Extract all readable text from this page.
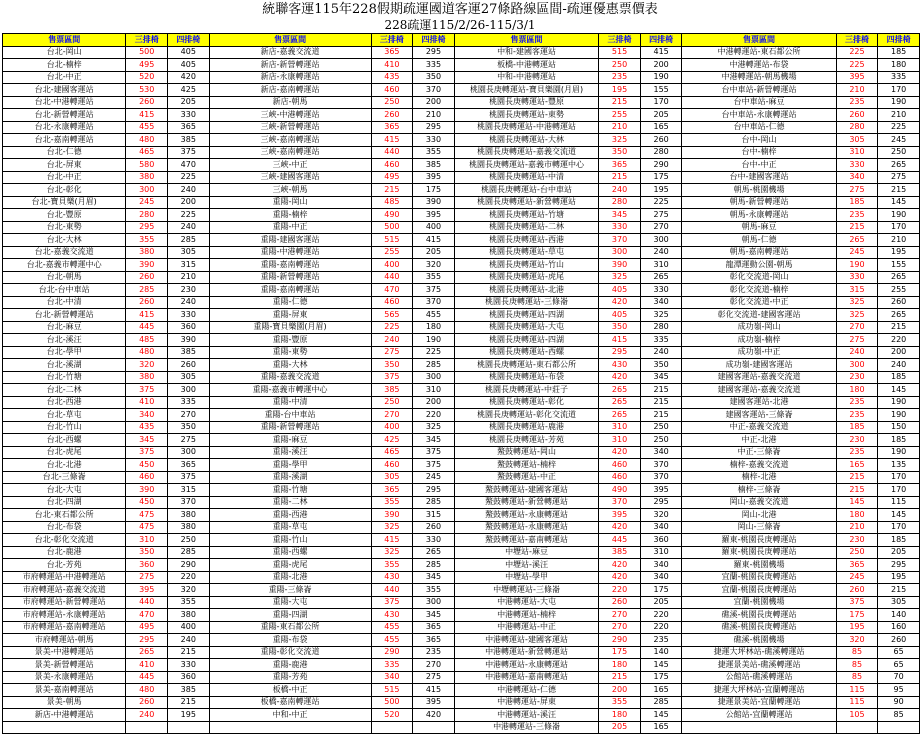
統聯客運115年228假期疏運國道客運27條路線區間-疏運優惠票價表
228疏運115/2/26-115/3/1
售票區間	三排椅	四排椅	售票區間	三排椅	四排椅	售票區間	三排椅	四排椅	售票區間	三排椅	四排椅
台北-岡山	500	405	新店-嘉義交流道	365	295	中和-建國客運站	515	415	中港轉運站-東石都公所	225	185
台北-楠梓	495	405	新店-新營轉運站	410	335	板橋-中港轉運站	250	200	中港轉運站-布袋	225	180
台北-中正	520	420	新店-永康轉運站	435	350	中和-中港轉運站	235	190	中港轉運站-朝馬機場	395	335
台北-建國客運站	530	425	新店-嘉南轉運站	460	370	桃園長庚轉運站-寶貝樂園(月眉)	195	155	台中車站-新營轉運站	210	170
台北-中港轉運站	260	205	新店-朝馬	250	200	桃園長庚轉運站-豐原	215	170	台中車站-麻豆	235	190
台北-新營轉運站	415	330	三峽-中港轉運站	260	210	桃園長庚轉運站-東勢	255	205	台中車站-永康轉運站	260	210
台北-永康轉運站	455	365	三峽-新營轉運站	365	295	桃園長庚轉運站-中港轉運站	210	165	台中車站-仁德	280	225
台北-嘉南轉運站	480	385	三峽-嘉南轉運站	415	330	桃園長庚轉運站-大林	325	260	台中-岡山	305	245
台北-仁德	465	375	三峽-嘉南轉運站	440	355	桃園長庚轉運站-嘉義交流道	350	280	台中-楠梓	310	250
台北-屏東	580	470	三峽-中正	460	385	桃園長庚轉運站-嘉義市轉運中心	365	290	台中-中正	330	265
台北-中正	380	225	三峽-建國客運站	495	395	桃園長庚轉運站-中清	215	175	台中-建國客運站	340	275
台北-彰化	300	240	三峽-朝馬	215	175	桃園長庚轉運站-台中車站	240	195	朝馬-桃園機場	275	215
台北-寶貝樂(月眉)	245	200	重陽-岡山	485	390	桃園長庚轉運站-新營轉運站	280	225	朝馬-新營轉運站	185	145
台北-豐原	280	225	重陽-楠梓	490	395	桃園長庚轉運站-竹塘	345	275	朝馬-永康轉運站	235	190
台北-東勢	295	240	重陽-中正	500	400	桃園長庚轉運站-二林	330	270	朝馬-麻豆	215	170
台北-大林	355	285	重陽-建國客運站	515	415	桃園長庚轉運站-西港	370	300	朝馬-仁德	265	210
台北-嘉義交流道	380	305	重陽-中港轉運站	255	205	桃園長庚轉運站-草屯	300	240	朝馬-嘉南轉運站	245	195
台北-嘉義市轉運中心	390	315	重陽-嘉南轉運站	400	320	桃園長庚轉運站-竹山	390	310	龍潭運動公園-朝馬	190	155
台北-朝馬	260	210	重陽-新營轉運站	440	355	桃園長庚轉運站-虎尾	325	265	彰化交流道-岡山	330	265
台北-台中車站	285	230	重陽-嘉南轉運站	470	375	桃園長庚轉運站-北港	405	330	彰化交流道-楠梓	315	255
台北-中清	260	240	重陽-仁德	460	370	桃園長庚轉運站-三條崙	420	340	彰化交流道-中正	325	260
台北-新營轉運站	415	330	重陽-屏東	565	455	桃園長庚轉運站-四湖	405	325	彰化交流道-建國客運站	325	265
台北-麻豆	445	360	重陽-寶貝樂園(月眉)	225	180	桃園長庚轉運站-大屯	350	280	成功嶺-岡山	270	215
台北-溪汪	485	390	重陽-豐原	240	190	桃園長庚轉運站-四湖	415	335	成功嶺-楠梓	275	220
台北-學甲	480	385	重陽-東勢	275	225	桃園長庚轉運站-西螺	295	240	成功嶺-中正	240	200
台北-溪湖	320	260	重陽-大林	350	285	桃園長庚轉運站-東石都公所	430	350	成功嶺-建國客運站	300	240
台北-竹塘	380	305	重陽-嘉義交流道	375	300	桃園長庚轉運站-布袋	420	345	建國客運站-嘉義交流道	230	185
台北-二林	375	300	重陽-嘉義市轉運中心	385	310	桃園長庚轉運站-中莊子	265	215	建國客運站-嘉義交流道	180	145
台北-西港	410	335	重陽-中清	250	200	桃園長庚轉運站-彰化	265	215	建國客運站-北港	235	190
台北-草屯	340	270	重陽-台中車站	270	220	桃園長庚轉運站-彰化交流道	265	215	建國客運站-三條崙	235	190
台北-竹山	435	350	重陽-新營轉運站	400	325	桃園長庚轉運站-鹿港	310	250	中正-嘉義交流道	185	150
台北-西螺	345	275	重陽-麻豆	425	345	桃園長庚轉運站-芳苑	310	250	中正-北港	230	185
台北-虎尾	375	300	重陽-溪汪	465	375	鰲鼓轉運站-岡山	420	340	中正-三條崙	235	190
台北-北港	450	365	重陽-學甲	460	375	鰲鼓轉運站-楠梓	460	370	楠梓-嘉義交流道	165	135
台北-三條崙	460	375	重陽-溪湖	305	245	鰲鼓轉運站-中正	460	370	楠梓-北港	215	170
台北-大屯	390	315	重陽-竹塘	365	295	鰲鼓轉運站-建國客運站	490	395	楠梓-三條崙	215	170
台北-四湖	450	370	重陽-二林	355	285	鰲鼓轉運站-新營轉運站	370	295	岡山-嘉義交流道	145	115
台北-東石都公所	475	380	重陽-西港	390	315	鰲鼓轉運站-永康轉運站	395	320	岡山-北港	180	145
台北-布袋	475	380	重陽-草屯	325	260	鰲鼓轉運站-永康轉運站	420	340	岡山-三條崙	210	170
台北-彰化交流道	310	250	重陽-竹山	415	330	鰲鼓轉運站-嘉南轉運站	445	360	羅東-桃園長庚轉運站	230	185
台北-鹿港	350	285	重陽-西螺	325	265	中壢站-麻豆	385	310	羅東-桃園長庚轉運站	250	205
台北-芳苑	360	290	重陽-虎尾	355	285	中壢站-溪汪	420	340	羅東-桃園機場	365	295
市府轉運站-中港轉運站	275	220	重陽-北港	430	345	中壢站-學甲	420	340	宜蘭-桃園長庚轉運站	245	195
市府轉運站-嘉義交流道	395	320	重陽-三條崙	440	355	中壢轉運站-三條崙	220	175	宜蘭-桃園長庚轉運站	260	215
市府轉運站-新營轉運站	440	355	重陽-大屯	375	300	中港轉運站-大屯	260	205	宜蘭-桃園機場	375	305
市府轉運站-永康轉運站	470	380	重陽-四湖	430	345	中港轉運站-楠梓	270	220	礁溪-桃園長庚轉運站	175	140
市府轉運站-嘉南轉運站	495	400	重陽-東石都公所	455	365	中港轉運站-中正	270	220	礁溪-桃園長庚轉運站	195	160
市府轉運站-朝馬	295	240	重陽-布袋	455	365	中港轉運站-建國客運站	290	235	礁溪-桃園機場	320	260
景美-中港轉運站	265	215	重陽-彰化交流道	290	235	中港轉運站-新營轉運站	175	140	捷運大坪林站-礁溪轉運站	85	65
景美-新營轉運站	410	330	重陽-鹿港	335	270	中港轉運站-永康轉運站	180	145	捷運景美站-礁溪轉運站	85	65
景美-永康轉運站	445	360	重陽-芳苑	340	275	中港轉運站-嘉南轉運站	215	175	公館站-礁溪轉運站	85	70
景美-嘉南轉運站	480	385	板橋-中正	515	415	中港轉運站-仁德	200	165	捷運大坪林站-宜蘭轉運站	115	95
景美-朝馬	260	215	板橋-嘉南轉運站	500	395	中港轉運站-屏東	355	285	捷運景美站-宜蘭轉運站	115	90
新店-中港轉運站	240	195	中和-中正	520	420	中港轉運站-溪汪	180	145	公館站-宜蘭轉運站	105	85
						中港轉運站-三條崙	205	165			
